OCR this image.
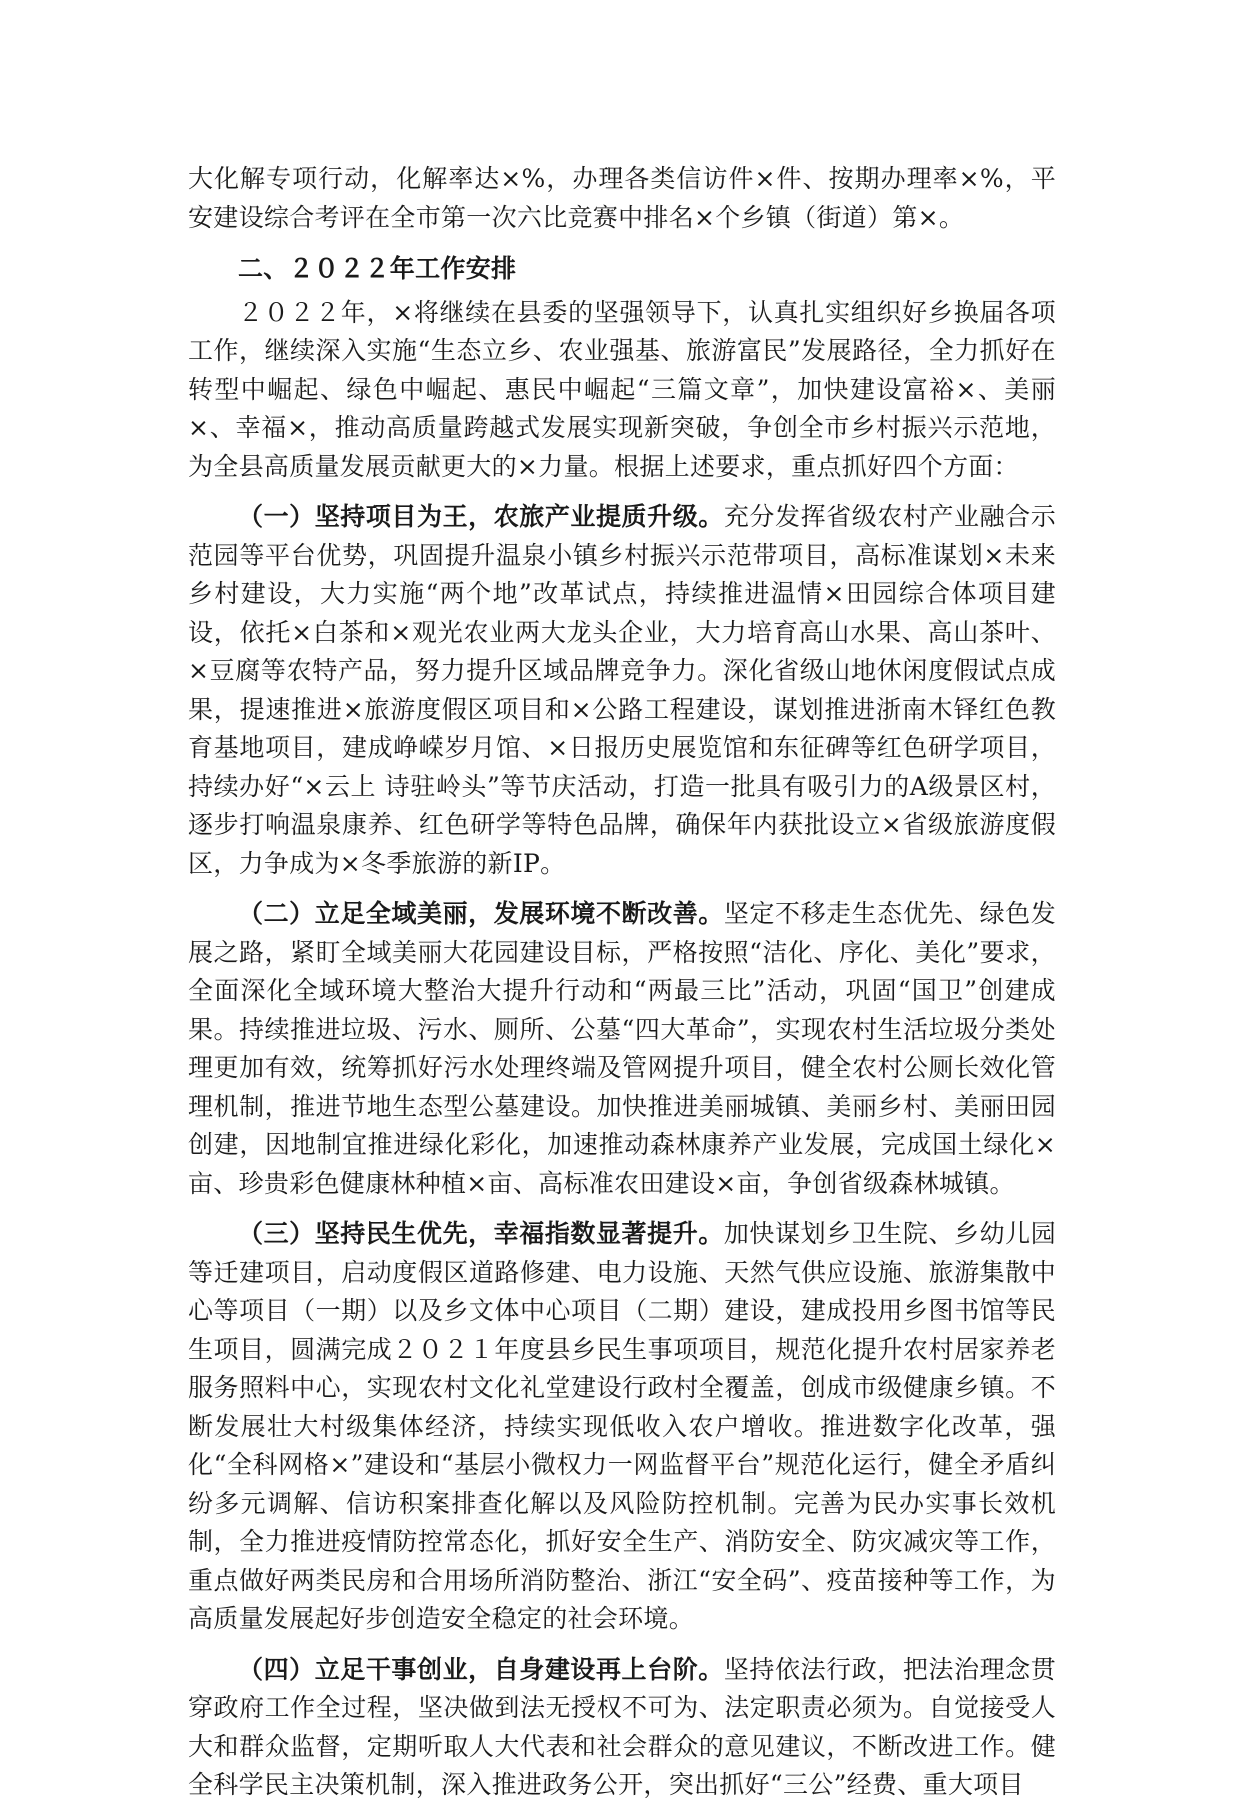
大化解专项行动，化解率达×%，办理各类信访件×件、按期办理率×%，平安建设综合考评在全市第一次六比竞赛中排名×个乡镇（街道）第×。

二、２０２２年工作安排

２０２２年，×将继续在县委的坚强领导下，认真扎实组织好乡换届各项工作，继续深入实施“生态立乡、农业强基、旅游富民”发展路径，全力抓好在转型中崛起、绿色中崛起、惠民中崛起“三篇文章”，加快建设富裕×、美丽×、幸福×，推动高质量跨越式发展实现新突破，争创全市乡村振兴示范地，为全县高质量发展贡献更大的×力量。根据上述要求，重点抓好四个方面：

（一）坚持项目为王，农旅产业提质升级。充分发挥省级农村产业融合示范园等平台优势，巩固提升温泉小镇乡村振兴示范带项目，高标准谋划×未来乡村建设，大力实施“两个地”改革试点，持续推进温情×田园综合体项目建设，依托×白茶和×观光农业两大龙头企业，大力培育高山水果、高山茶叶、×豆腐等农特产品，努力提升区域品牌竞争力。深化省级山地休闲度假试点成果，提速推进×旅游度假区项目和×公路工程建设，谋划推进浙南木铎红色教育基地项目，建成峥嵘岁月馆、×日报历史展览馆和东征碑等红色研学项目，持续办好“×云上 诗驻岭头”等节庆活动，打造一批具有吸引力的A级景区村，逐步打响温泉康养、红色研学等特色品牌，确保年内获批设立×省级旅游度假区，力争成为×冬季旅游的新IP。

（二）立足全域美丽，发展环境不断改善。坚定不移走生态优先、绿色发展之路，紧盯全域美丽大花园建设目标，严格按照“洁化、序化、美化”要求，全面深化全域环境大整治大提升行动和“两最三比”活动，巩固“国卫”创建成果。持续推进垃圾、污水、厕所、公墓“四大革命”，实现农村生活垃圾分类处理更加有效，统筹抓好污水处理终端及管网提升项目，健全农村公厕长效化管理机制，推进节地生态型公墓建设。加快推进美丽城镇、美丽乡村、美丽田园创建，因地制宜推进绿化彩化，加速推动森林康养产业发展，完成国土绿化×亩、珍贵彩色健康林种植×亩、高标准农田建设×亩，争创省级森林城镇。

（三）坚持民生优先，幸福指数显著提升。加快谋划乡卫生院、乡幼儿园等迁建项目，启动度假区道路修建、电力设施、天然气供应设施、旅游集散中心等项目（一期）以及乡文体中心项目（二期）建设，建成投用乡图书馆等民生项目，圆满完成２０２１年度县乡民生事项项目，规范化提升农村居家养老服务照料中心，实现农村文化礼堂建设行政村全覆盖，创成市级健康乡镇。不断发展壮大村级集体经济，持续实现低收入农户增收。推进数字化改革，强化“全科网格×”建设和“基层小微权力一网监督平台”规范化运行，健全矛盾纠纷多元调解、信访积案排查化解以及风险防控机制。完善为民办实事长效机制，全力推进疫情防控常态化，抓好安全生产、消防安全、防灾减灾等工作，重点做好两类民房和合用场所消防整治、浙江“安全码”、疫苗接种等工作，为高质量发展起好步创造安全稳定的社会环境。

（四）立足干事创业，自身建设再上台阶。坚持依法行政，把法治理念贯穿政府工作全过程，坚决做到法无授权不可为、法定职责必须为。自觉接受人大和群众监督，定期听取人大代表和社会群众的意见建议，不断改进工作。健全科学民主决策机制，深入推进政务公开，突出抓好“三公”经费、重大项目
